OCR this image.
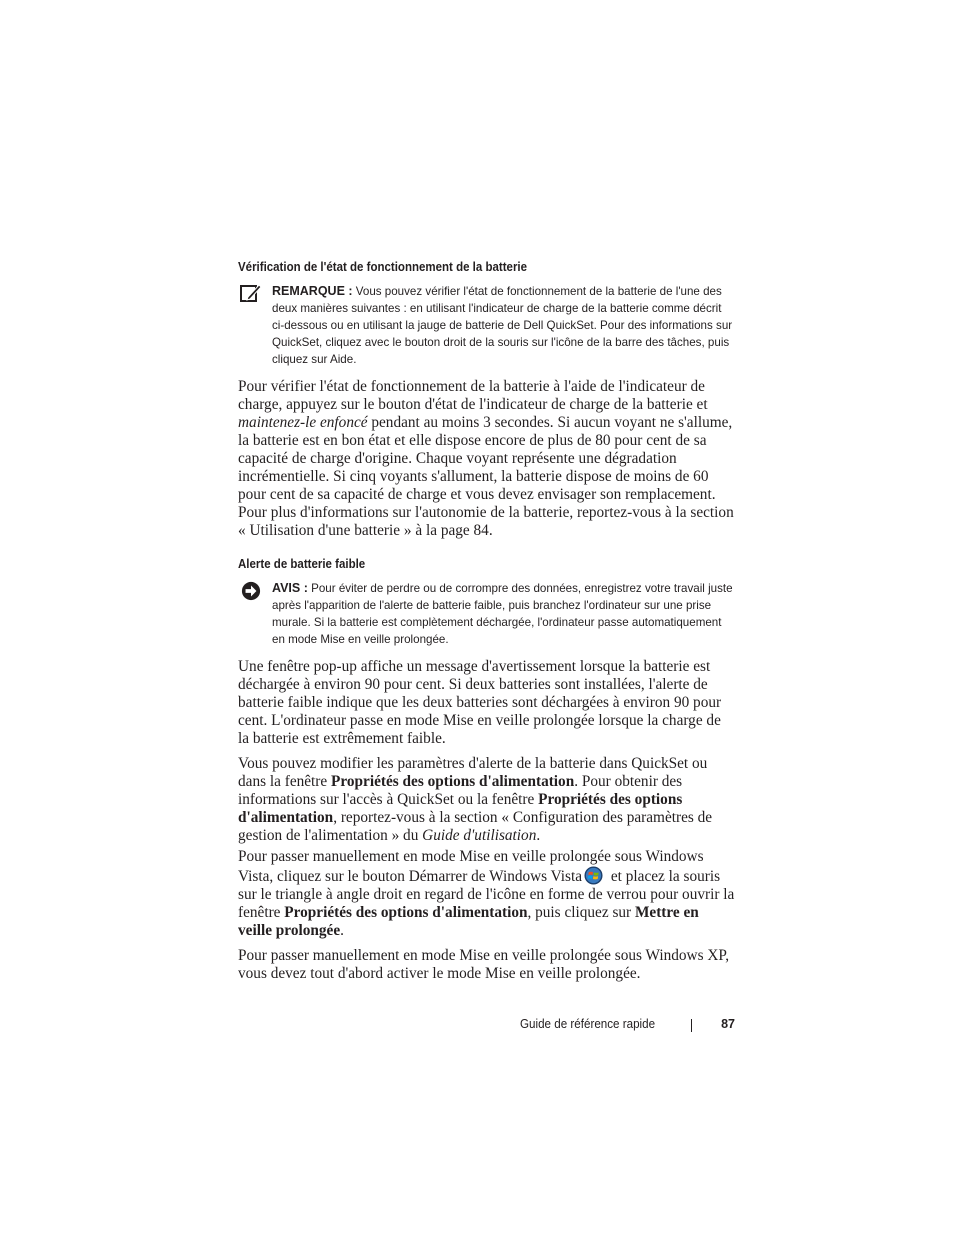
Vérification de l'état de fonctionnement de la batterie
REMARQUE : Vous pouvez vérifier l'état de fonctionnement de la batterie de l'une des deux manières suivantes : en utilisant l'indicateur de charge de la batterie comme décrit ci-dessous ou en utilisant la jauge de batterie de Dell QuickSet. Pour des informations sur QuickSet, cliquez avec le bouton droit de la souris sur l'icône de la barre des tâches, puis cliquez sur Aide.

Pour vérifier l'état de fonctionnement de la batterie à l'aide de l'indicateur de charge, appuyez sur le bouton d'état de l'indicateur de charge de la batterie et maintenez-le enfoncé pendant au moins 3 secondes. Si aucun voyant ne s'allume, la batterie est en bon état et elle dispose encore de plus de 80 pour cent de sa capacité de charge d'origine. Chaque voyant représente une dégradation incrémentielle. Si cinq voyants s'allument, la batterie dispose de moins de 60 pour cent de sa capacité de charge et vous devez envisager son remplacement. Pour plus d'informations sur l'autonomie de la batterie, reportez-vous à la section « Utilisation d'une batterie » à la page 84.

Alerte de batterie faible
AVIS : Pour éviter de perdre ou de corrompre des données, enregistrez votre travail juste après l'apparition de l'alerte de batterie faible, puis branchez l'ordinateur sur une prise murale. Si la batterie est complètement déchargée, l'ordinateur passe automatiquement en mode Mise en veille prolongée.

Une fenêtre pop-up affiche un message d'avertissement lorsque la batterie est déchargée à environ 90 pour cent. Si deux batteries sont installées, l'alerte de batterie faible indique que les deux batteries sont déchargées à environ 90 pour cent. L'ordinateur passe en mode Mise en veille prolongée lorsque la charge de la batterie est extrêmement faible.

Vous pouvez modifier les paramètres d'alerte de la batterie dans QuickSet ou dans la fenêtre Propriétés des options d'alimentation. Pour obtenir des informations sur l'accès à QuickSet ou la fenêtre Propriétés des options d'alimentation, reportez-vous à la section « Configuration des paramètres de gestion de l'alimentation » du Guide d'utilisation.

Pour passer manuellement en mode Mise en veille prolongée sous Windows Vista, cliquez sur le bouton Démarrer de Windows Vista et placez la souris sur le triangle à angle droit en regard de l'icône en forme de verrou pour ouvrir la fenêtre Propriétés des options d'alimentation, puis cliquez sur Mettre en veille prolongée.

Pour passer manuellement en mode Mise en veille prolongée sous Windows XP, vous devez tout d'abord activer le mode Mise en veille prolongée.

Guide de référence rapide	87
